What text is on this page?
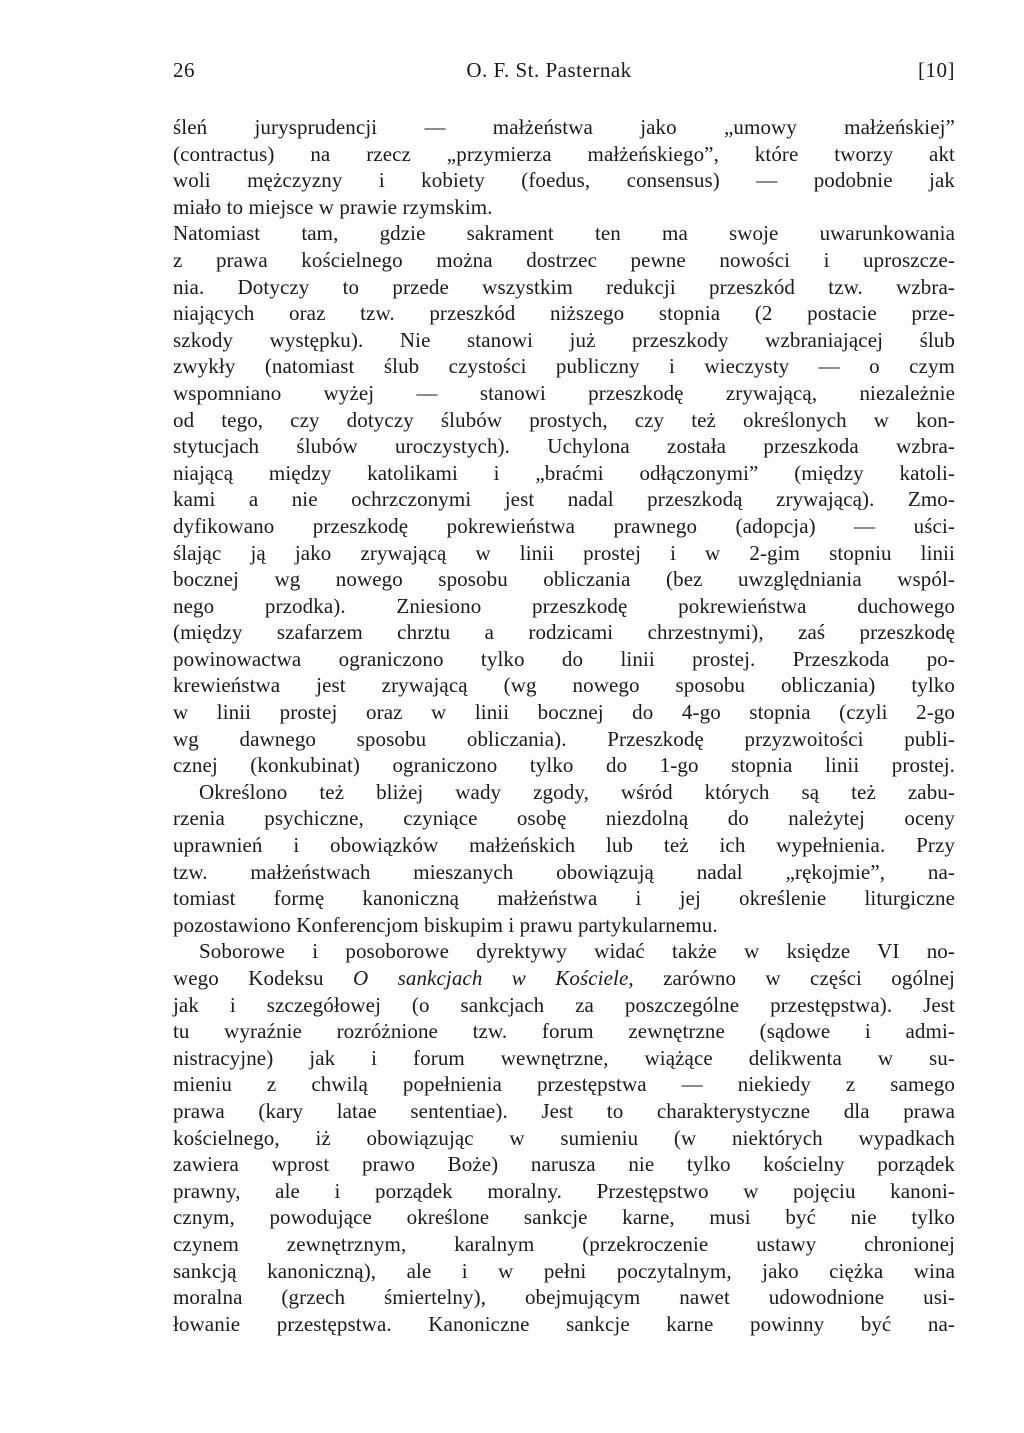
26	O. F. St. Pasternak	[10]
śleń jurysprudencji — małżeństwa jako „umowy małżeńskiej”
(contractus) na rzecz „przymierza małżeńskiego”, które tworzy akt
woli mężczyzny i kobiety (foedus, consensus) — podobnie jak
miało to miejsce w prawie rzymskim.
Natomiast tam, gdzie sakrament ten ma swoje uwarunkowania
z prawa kościelnego można dostrzec pewne nowości i uproszcze-
nia. Dotyczy to przede wszystkim redukcji przeszkód tzw. wzbra-
niających oraz tzw. przeszkód niższego stopnia (2 postacie prze-
szkody występku). Nie stanowi już przeszkody wzbraniającej ślub
zwykły (natomiast ślub czystości publiczny i wieczysty — o czym
wspomniano wyżej — stanowi przeszkodę zrywającą, niezależnie
od tego, czy dotyczy ślubów prostych, czy też określonych w kon-
stytucjach ślubów uroczystych). Uchylona została przeszkoda wzbra-
niającą między katolikami i „braćmi odłączonymi” (między katoli-
kami a nie ochrzczonymi jest nadal przeszkodą zrywającą). Zmo-
dyfikowano przeszkodę pokrewieństwa prawnego (adopcja) — uści-
ślając ją jako zrywającą w linii prostej i w 2-gim stopniu linii
bocznej wg nowego sposobu obliczania (bez uwzględniania wspól-
nego przodka). Zniesiono przeszkodę pokrewieństwa duchowego
(między szafarzem chrztu a rodzicami chrzestnymi), zaś przeszkodę
powinowactwa ograniczono tylko do linii prostej. Przeszkoda po-
krewieństwa jest zrywającą (wg nowego sposobu obliczania) tylko
w linii prostej oraz w linii bocznej do 4-go stopnia (czyli 2-go
wg dawnego sposobu obliczania). Przeszkodę przyzwoitości publi-
cznej (konkubinat) ograniczono tylko do 1-go stopnia linii prostej.
Określono też bliżej wady zgody, wśród których są też zabu-
rzenia psychiczne, czyniące osobę niezdolną do należytej oceny
uprawnień i obowiązków małżeńskich lub też ich wypełnienia. Przy
tzw. małżeństwach mieszanych obowiązują nadal „rękojmie”, na-
tomiast formę kanoniczną małżeństwa i jej określenie liturgiczne
pozostawiono Konferencjom biskupim i prawu partykularnemu.
Soborowe i posoborowe dyrektywy widać także w księdze VI no-
wego Kodeksu O sankcjach w Kościele, zarówno w części ogólnej
jak i szczegółowej (o sankcjach za poszczególne przestępstwa). Jest
tu wyraźnie rozróżnione tzw. forum zewnętrzne (sądowe i admi-
nistracyjne) jak i forum wewnętrzne, wiążące delikwenta w su-
mieniu z chwilą popełnienia przestępstwa — niekiedy z samego
prawa (kary latae sententiae). Jest to charakterystyczne dla prawa
kościelnego, iż obowiązując w sumieniu (w niektórych wypadkach
zawiera wprost prawo Boże) narusza nie tylko kościelny porządek
prawny, ale i porządek moralny. Przestępstwo w pojęciu kanoni-
cznym, powodujące określone sankcje karne, musi być nie tylko
czynem zewnętrznym, karalnym (przekroczenie ustawy chronionej
sankcją kanoniczną), ale i w pełni poczytalnym, jako ciężka wina
moralna (grzech śmiertelny), obejmującym nawet udowodnione usi-
łowanie przestępstwa. Kanoniczne sankcje karne powinny być na-
